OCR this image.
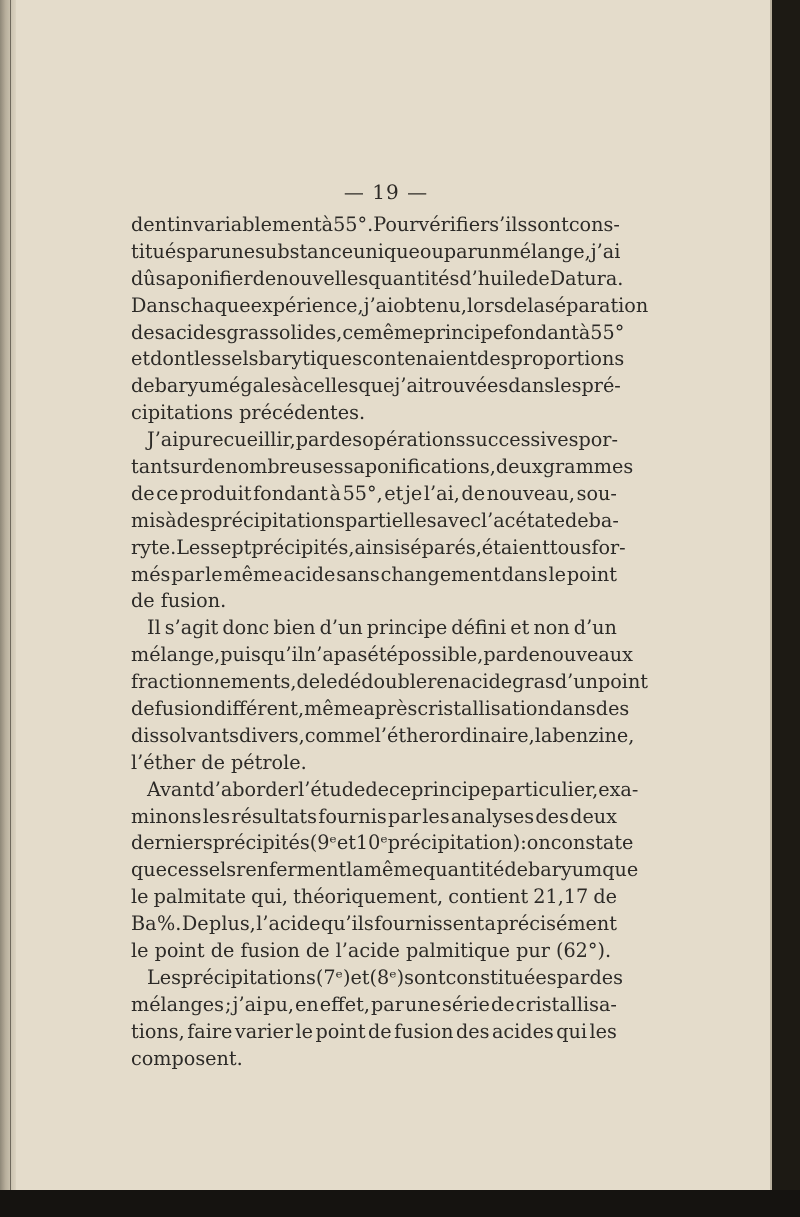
— 19 —
dent invariablement à 55°. Pour vérifier s’ils sont cons-
titués par une substance unique ou par un mélange, j’ai
dû saponifier de nouvelles quantités d’huile de Datura.
Dans chaque expérience, j’ai obtenu, lors de la séparation
des acides gras solides, ce même principe fondant à 55°
et dont les sels barytiques contenaient des proportions
de baryum égales à celles que j’ai trouvées dans les pré-
cipitations précédentes.
J’ai pu recueillir, par des opérations successives por-
tant sur de nombreuses saponifications, deux grammes
de ce produit fondant à 55°, et je l’ai, de nouveau, sou-
mis à des précipitations partielles avec l’acétate de ba-
ryte. Les sept précipités, ainsi séparés, étaient tous for-
més par le même acide sans changement dans le point
de fusion.
Il s’agit donc bien d’un principe défini et non d’un
mélange, puisqu’il n’a pas été possible, par de nouveaux
fractionnements, de le dédoubler en acide gras d’un point
de fusion différent, même après cristallisation dans des
dissolvants divers, comme l’éther ordinaire, la benzine,
l’éther de pétrole.
Avant d’aborder l’étude de ce principe particulier, exa-
minons les résultats fournis par les analyses des deux
derniers précipités (9ᵉ et 10ᵉ précipitation): on constate
que ces sels renferment la même quantité de baryum que
le palmitate qui, théoriquement, contient 21,17 de
Ba %. De plus, l’acide qu’ils fournissent a précisément
le point de fusion de l’acide palmitique pur (62°).
Les précipitations (7ᵉ) et (8ᵉ) sont constituées par des
mélanges ; j’ai pu, en effet, par une série de cristallisa-
tions, faire varier le point de fusion des acides qui les
composent.
